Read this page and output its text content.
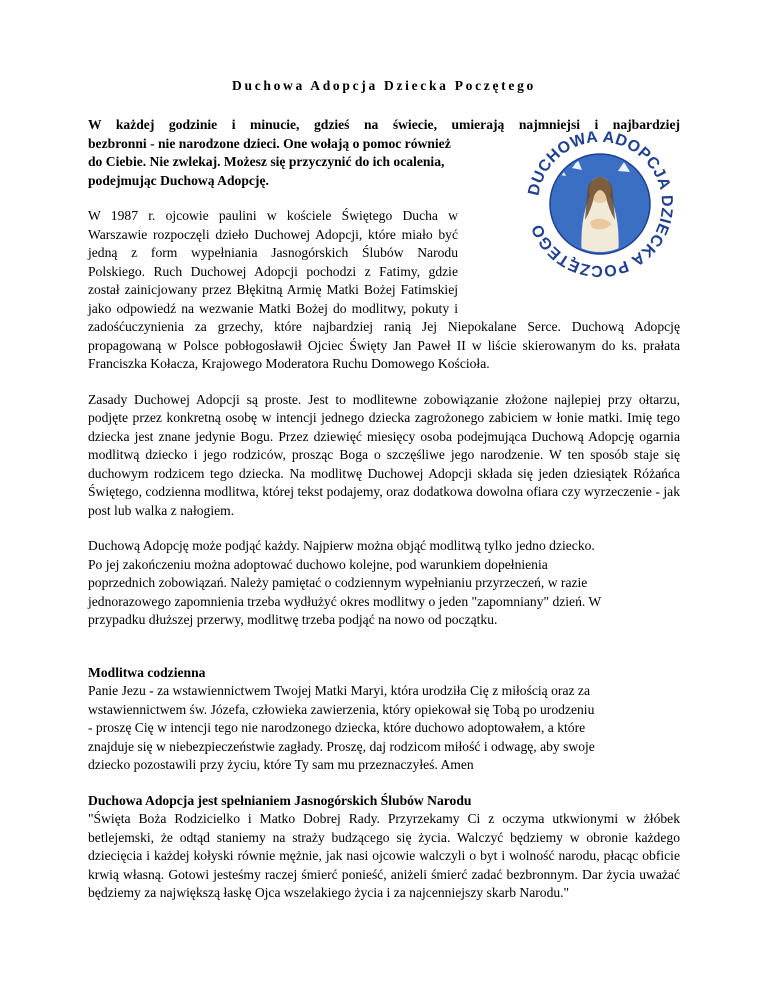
Duchowa Adopcja Dziecka Poczętego
W każdej godzinie i minucie, gdzieś na świecie, umierają najmniejsi i najbardziej
bezbronni - nie narodzone dzieci. One wołają o pomoc również
do Ciebie. Nie zwlekaj. Możesz się przyczynić do ich ocalenia,
podejmując Duchową Adopcję.
W 1987 r. ojcowie paulini w kościele Świętego Ducha w
Warszawie rozpoczęli dzieło Duchowej Adopcji, które miało być
jedną z form wypełniania Jasnogórskich Ślubów Narodu
Polskiego. Ruch Duchowej Adopcji pochodzi z Fatimy, gdzie
został zainicjowany przez Błękitną Armię Matki Bożej Fatimskiej
jako odpowiedź na wezwanie Matki Bożej do modlitwy, pokuty i
zadośćuczynienia za grzechy, które najbardziej ranią Jej Niepokalane Serce. Duchową Adopcję propagowaną w Polsce pobłogosławił Ojciec Święty Jan Paweł II w liście skierowanym do ks. prałata Franciszka Kołacza, Krajowego Moderatora Ruchu Domowego Kościoła.
Zasady Duchowej Adopcji są proste. Jest to modlitewne zobowiązanie złożone najlepiej przy ołtarzu, podjęte przez konkretną osobę w intencji jednego dziecka zagrożonego zabiciem w łonie matki. Imię tego dziecka jest znane jedynie Bogu. Przez dziewięć miesięcy osoba podejmująca Duchową Adopcję ogarnia modlitwą dziecko i jego rodziców, prosząc Boga o szczęśliwe jego narodzenie. W ten sposób staje się duchowym rodzicem tego dziecka. Na modlitwę Duchowej Adopcji składa się jeden dziesiątek Różańca Świętego, codzienna modlitwa, której tekst podajemy, oraz dodatkowa dowolna ofiara czy wyrzeczenie - jak post lub walka z nałogiem.
Duchową Adopcję może podjąć każdy. Najpierw można objąć modlitwą tylko jedno dziecko.
Po jej zakończeniu można adoptować duchowo kolejne, pod warunkiem dopełnienia
poprzednich zobowiązań. Należy pamiętać o codziennym wypełnianiu przyrzeczeń, w razie
jednorazowego zapomnienia trzeba wydłużyć okres modlitwy o jeden "zapomniany" dzień. W
przypadku dłuższej przerwy, modlitwę trzeba podjąć na nowo od początku.
Modlitwa codzienna
Panie Jezu - za wstawiennictwem Twojej Matki Maryi, która urodziła Cię z miłością oraz za
wstawiennictwem św. Józefa, człowieka zawierzenia, który opiekował się Tobą po urodzeniu
- proszę Cię w intencji tego nie narodzonego dziecka, które duchowo adoptowałem, a które
znajduje się w niebezpieczeństwie zagłady. Proszę, daj rodzicom miłość i odwagę, aby swoje
dziecko pozostawili przy życiu, które Ty sam mu przeznaczyłeś. Amen
Duchowa Adopcja jest spełnianiem Jasnogórskich Ślubów Narodu
"Święta Boża Rodzicielko i Matko Dobrej Rady. Przyrzekamy Ci z oczyma utkwionymi w żłóbek betlejemski, że odtąd staniemy na straży budzącego się życia. Walczyć będziemy w obronie każdego dziecięcia i każdej kołyski równie mężnie, jak nasi ojcowie walczyli o byt i wolność narodu, płacąc obficie krwią własną. Gotowi jesteśmy raczej śmierć ponieść, aniżeli śmierć zadać bezbronnym. Dar życia uważać będziemy za największą łaskę Ojca wszelakiego życia i za najcenniejszy skarb Narodu."
DUCHOWA ADOPCJA DZIECKA POCZĘTEGO
